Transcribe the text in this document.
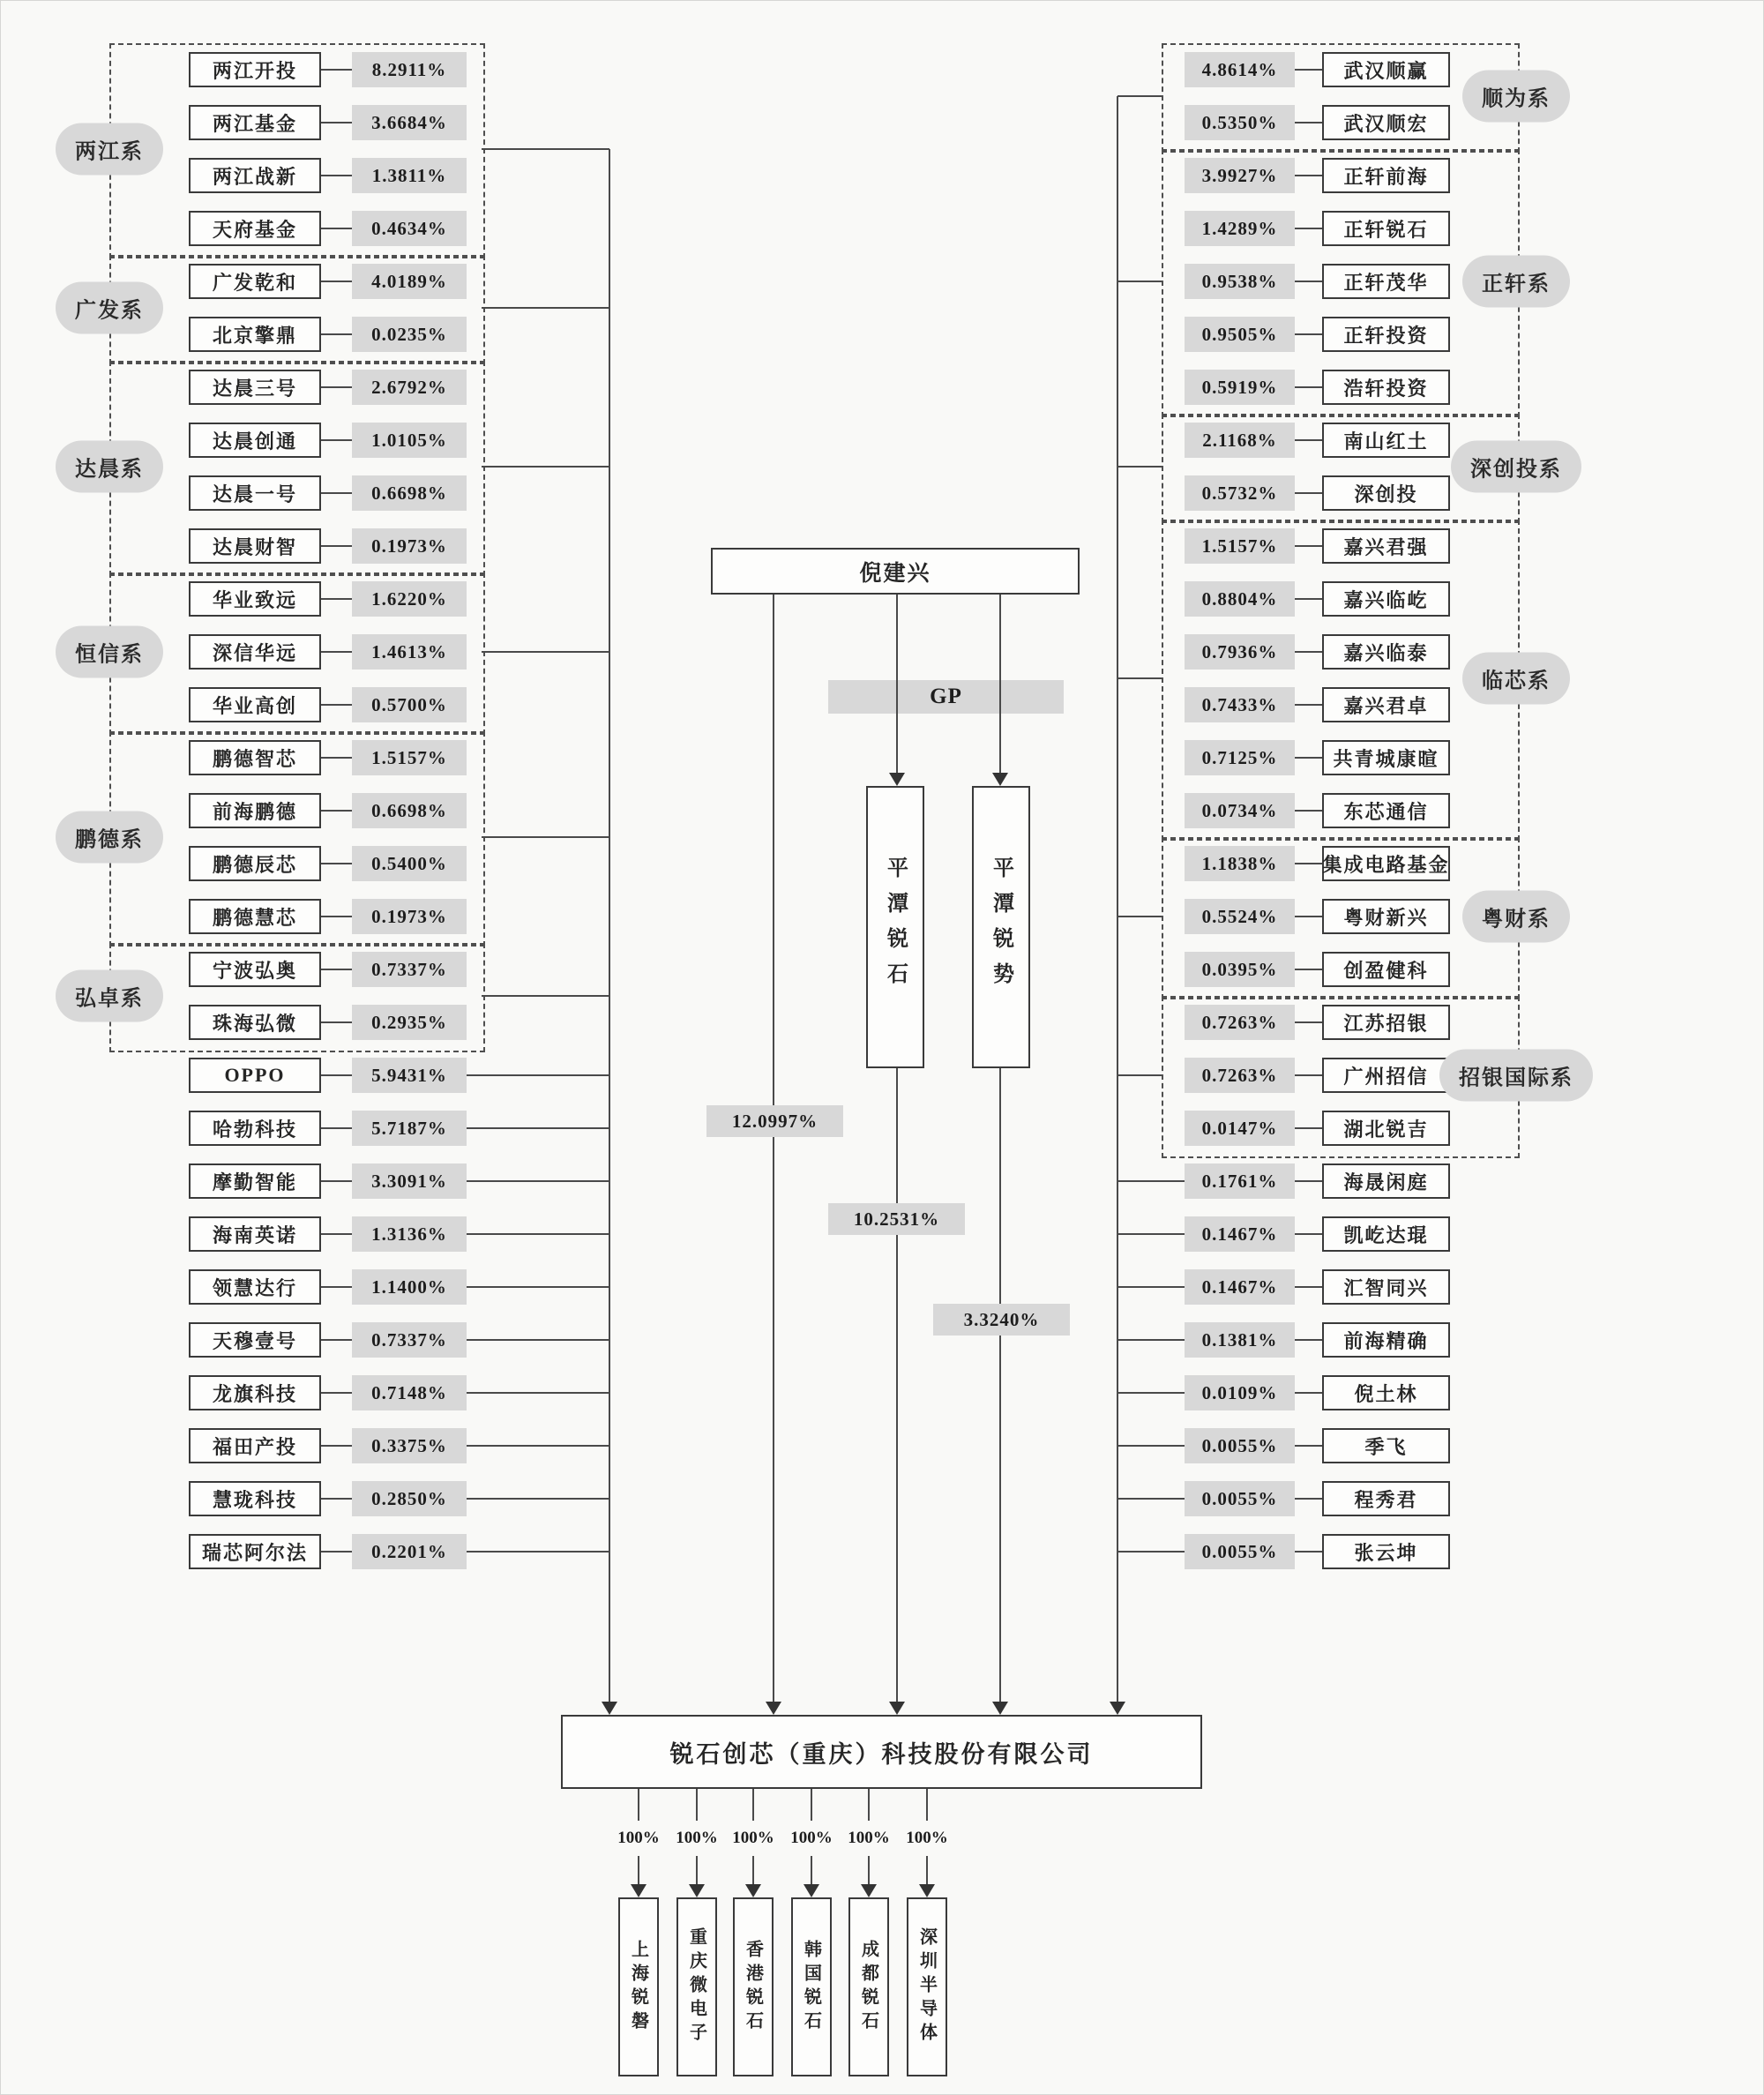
倪建兴
GP
平潭锐石	平潭锐势
12.0997%
10.2531%
3.3240%
锐石创芯（重庆）科技股份有限公司
两江开投	8.2911%
两江基金	3.6684%
两江战新	1.3811%
天府基金	0.4634%
两江系
广发乾和	4.0189%
北京擎鼎	0.0235%
广发系
达晨三号	2.6792%
达晨创通	1.0105%
达晨一号	0.6698%
达晨财智	0.1973%
达晨系
华业致远	1.6220%
深信华远	1.4613%
华业高创	0.5700%
恒信系
鹏德智芯	1.5157%
前海鹏德	0.6698%
鹏德辰芯	0.5400%
鹏德慧芯	0.1973%
鹏德系
宁波弘奥	0.7337%
珠海弘微	0.2935%
弘卓系
OPPO	5.9431%
哈勃科技	5.7187%
摩勤智能	3.3091%
海南英诺	1.3136%
领慧达行	1.1400%
天穆壹号	0.7337%
龙旗科技	0.7148%
福田产投	0.3375%
慧珑科技	0.2850%
瑞芯阿尔法	0.2201%
4.8614%	武汉顺赢
0.5350%	武汉顺宏
顺为系
3.9927%	正轩前海
1.4289%	正轩锐石
0.9538%	正轩茂华
0.9505%	正轩投资
0.5919%	浩轩投资
正轩系
2.1168%	南山红土
0.5732%	深创投
深创投系
1.5157%	嘉兴君强
0.8804%	嘉兴临屹
0.7936%	嘉兴临泰
0.7433%	嘉兴君卓
0.7125%	共青城康暄
0.0734%	东芯通信
临芯系
1.1838%	集成电路基金
0.5524%	粤财新兴
0.0395%	创盈健科
粤财系
0.7263%	江苏招银
0.7263%	广州招信
0.0147%	湖北锐吉
招银国际系
0.1761%	海晟闲庭
0.1467%	凯屹达琨
0.1467%	汇智同兴
0.1381%	前海精确
0.0109%	倪土林
0.0055%	季飞
0.0055%	程秀君
0.0055%	张云坤
100%
上海锐磐
100%
重庆微电子
100%
香港锐石
100%
韩国锐石
100%
成都锐石
100%
深圳半导体
